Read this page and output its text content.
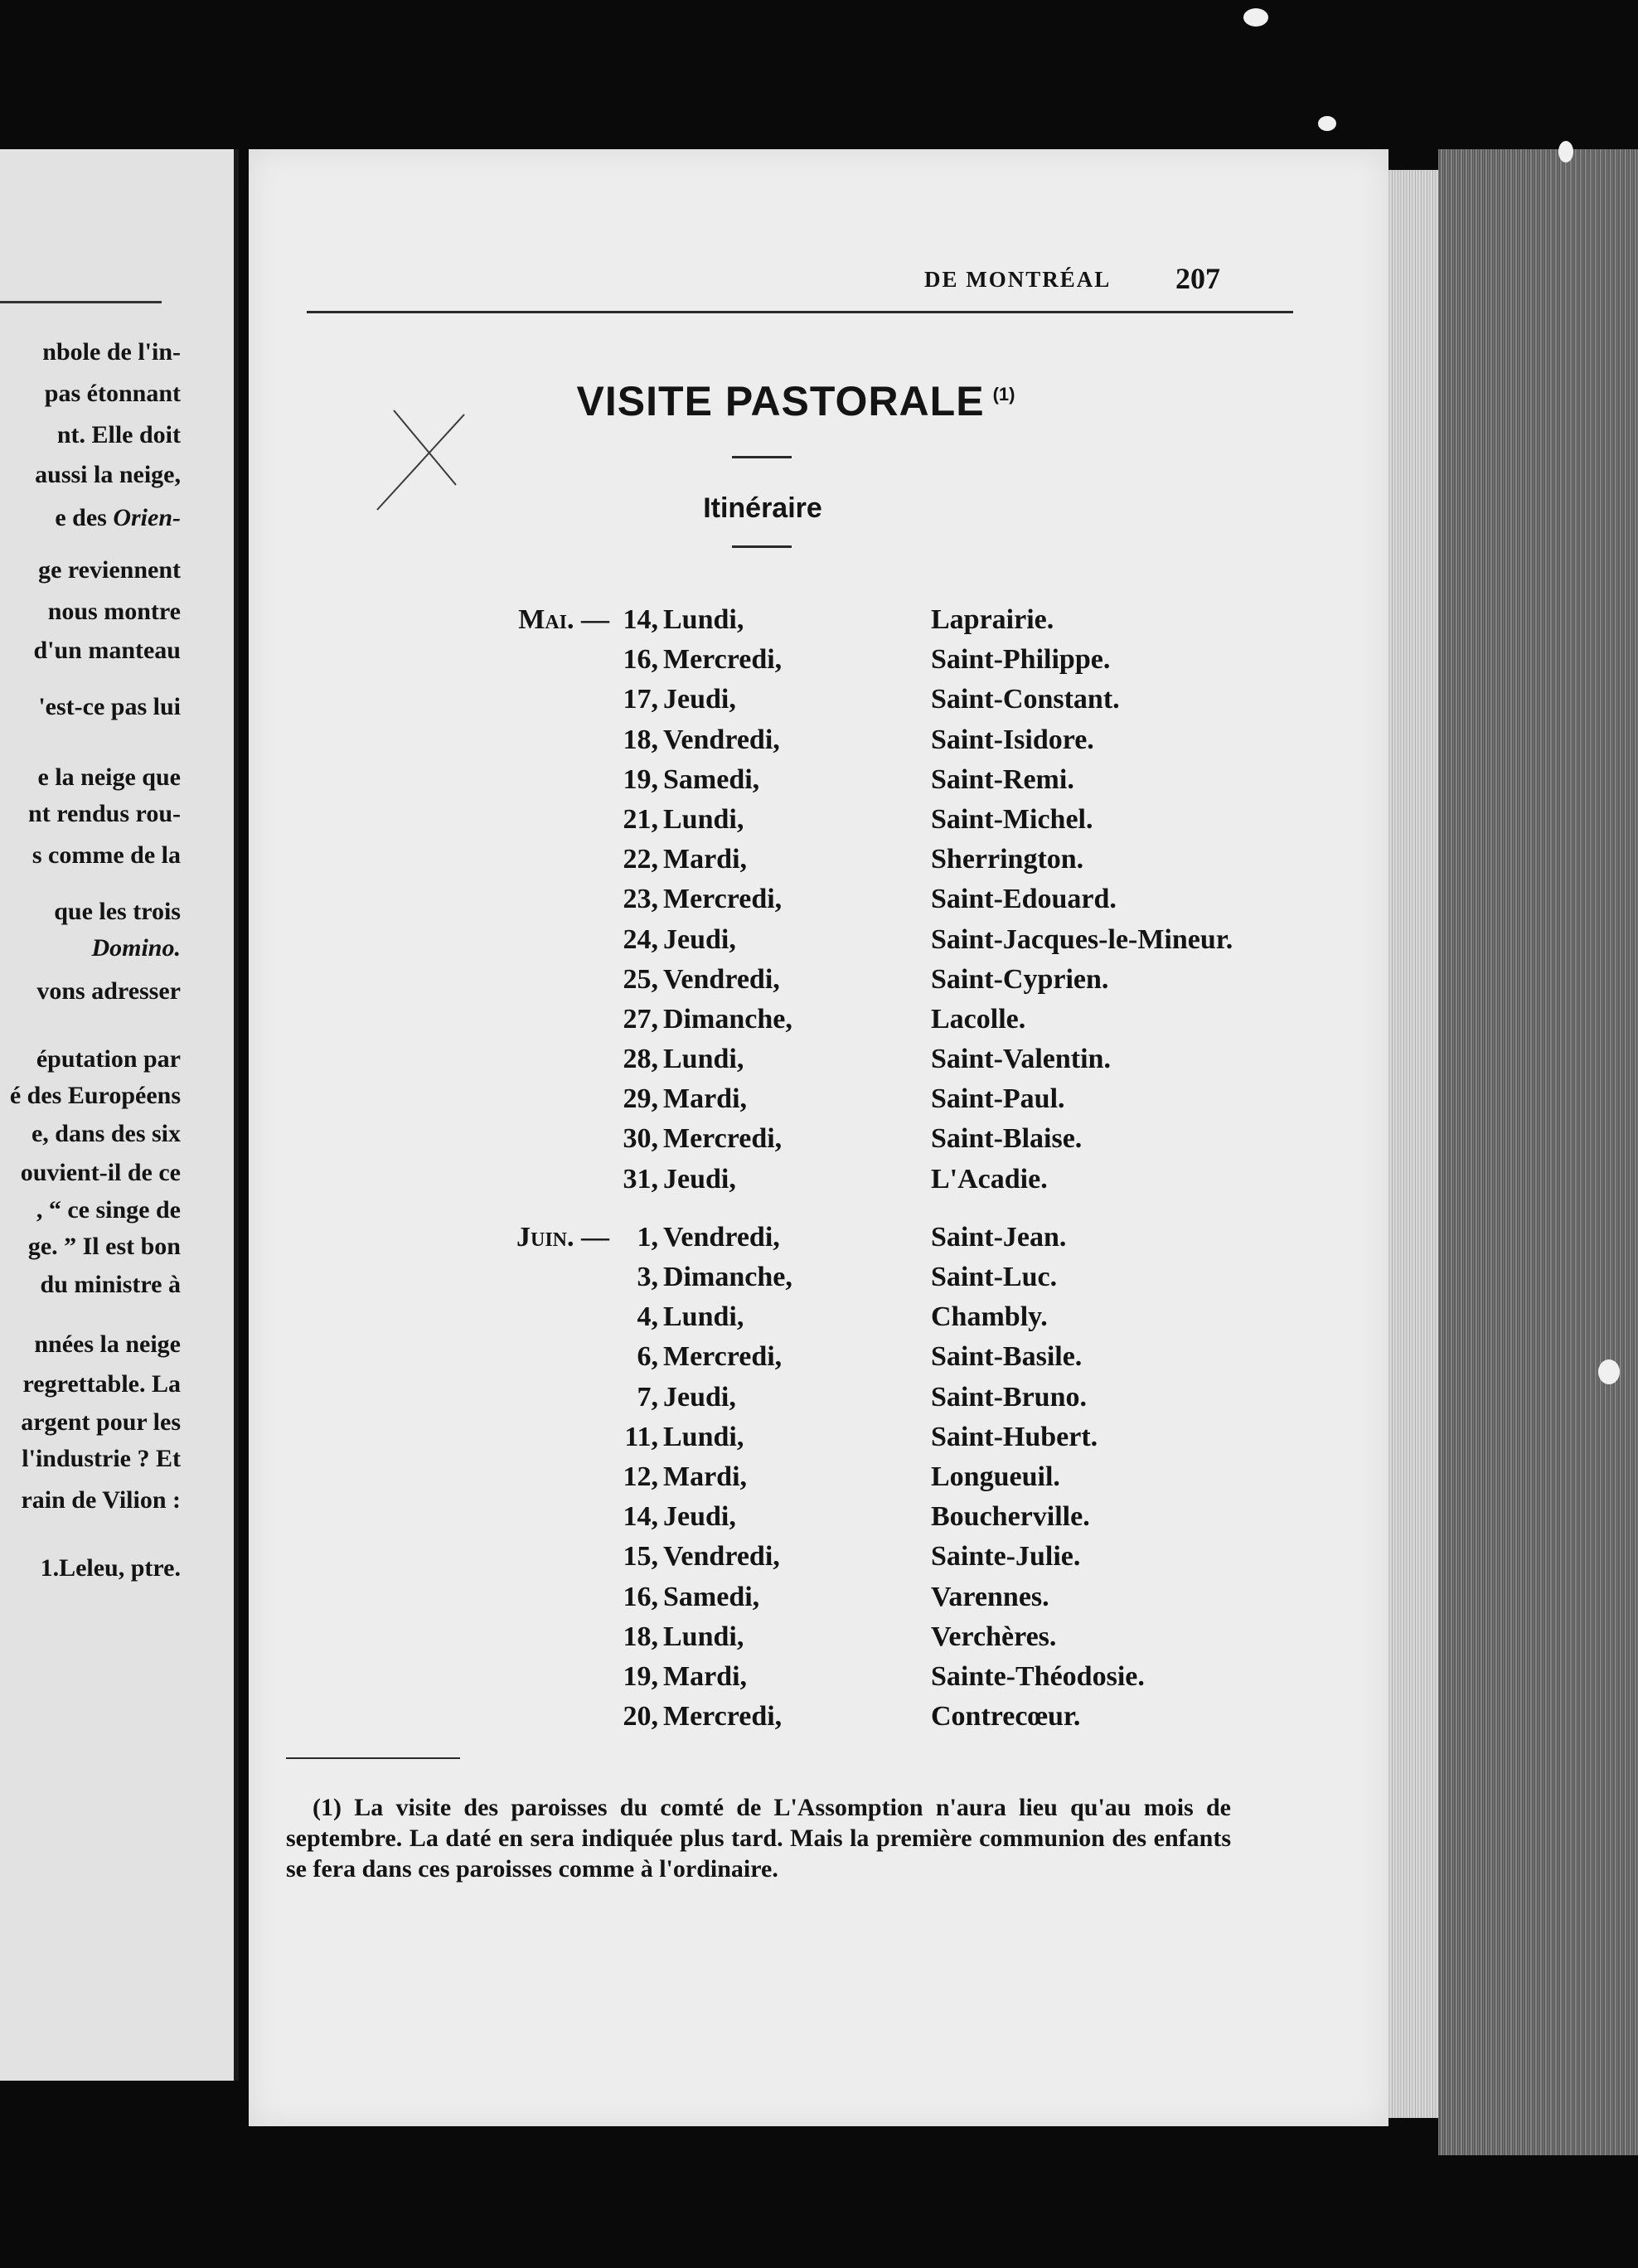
nbole de l'in-
pas étonnant
nt. Elle doit
aussi la neige,
e des Orien-
ge reviennent
nous montre
d'un manteau
'est-ce pas lui
e la neige que
nt rendus rou-
s comme de la
que les trois
Domino.
vons adresser
éputation par
é des Européens
e, dans des six
ouvient-il de ce
, “ ce singe de
ge. ” Il est bon
du ministre à
nnées la neige
regrettable. La
argent pour les
l'industrie ? Et
rain de Vilion :
1.Leleu, ptre.
DE MONTRÉAL 207
VISITE PASTORALE $^{(1)}$
Itinéraire
Mai. — 14, Lundi,	Laprairie.
16, Mercredi,	Saint-Philippe.
17, Jeudi,	Saint-Constant.
18, Vendredi,	Saint-Isidore.
19, Samedi,	Saint-Remi.
21, Lundi,	Saint-Michel.
22, Mardi,	Sherrington.
23, Mercredi,	Saint-Edouard.
24, Jeudi,	Saint-Jacques-le-Mineur.
25, Vendredi,	Saint-Cyprien.
27, Dimanche,	Lacolle.
28, Lundi,	Saint-Valentin.
29, Mardi,	Saint-Paul.
30, Mercredi,	Saint-Blaise.
31, Jeudi,	L'Acadie.
Juin. — 1, Vendredi,	Saint-Jean.
3, Dimanche,	Saint-Luc.
4, Lundi,	Chambly.
6, Mercredi,	Saint-Basile.
7, Jeudi,	Saint-Bruno.
11, Lundi,	Saint-Hubert.
12, Mardi,	Longueuil.
14, Jeudi,	Boucherville.
15, Vendredi,	Sainte-Julie.
16, Samedi,	Varennes.
18, Lundi,	Verchères.
19, Mardi,	Sainte-Théodosie.
20, Mercredi,	Contrecœur.
(1) La visite des paroisses du comté de L'Assomption n'aura lieu qu'au mois de septembre. La daté en sera indiquée plus tard. Mais la première communion des enfants se fera dans ces paroisses comme à l'ordinaire.
